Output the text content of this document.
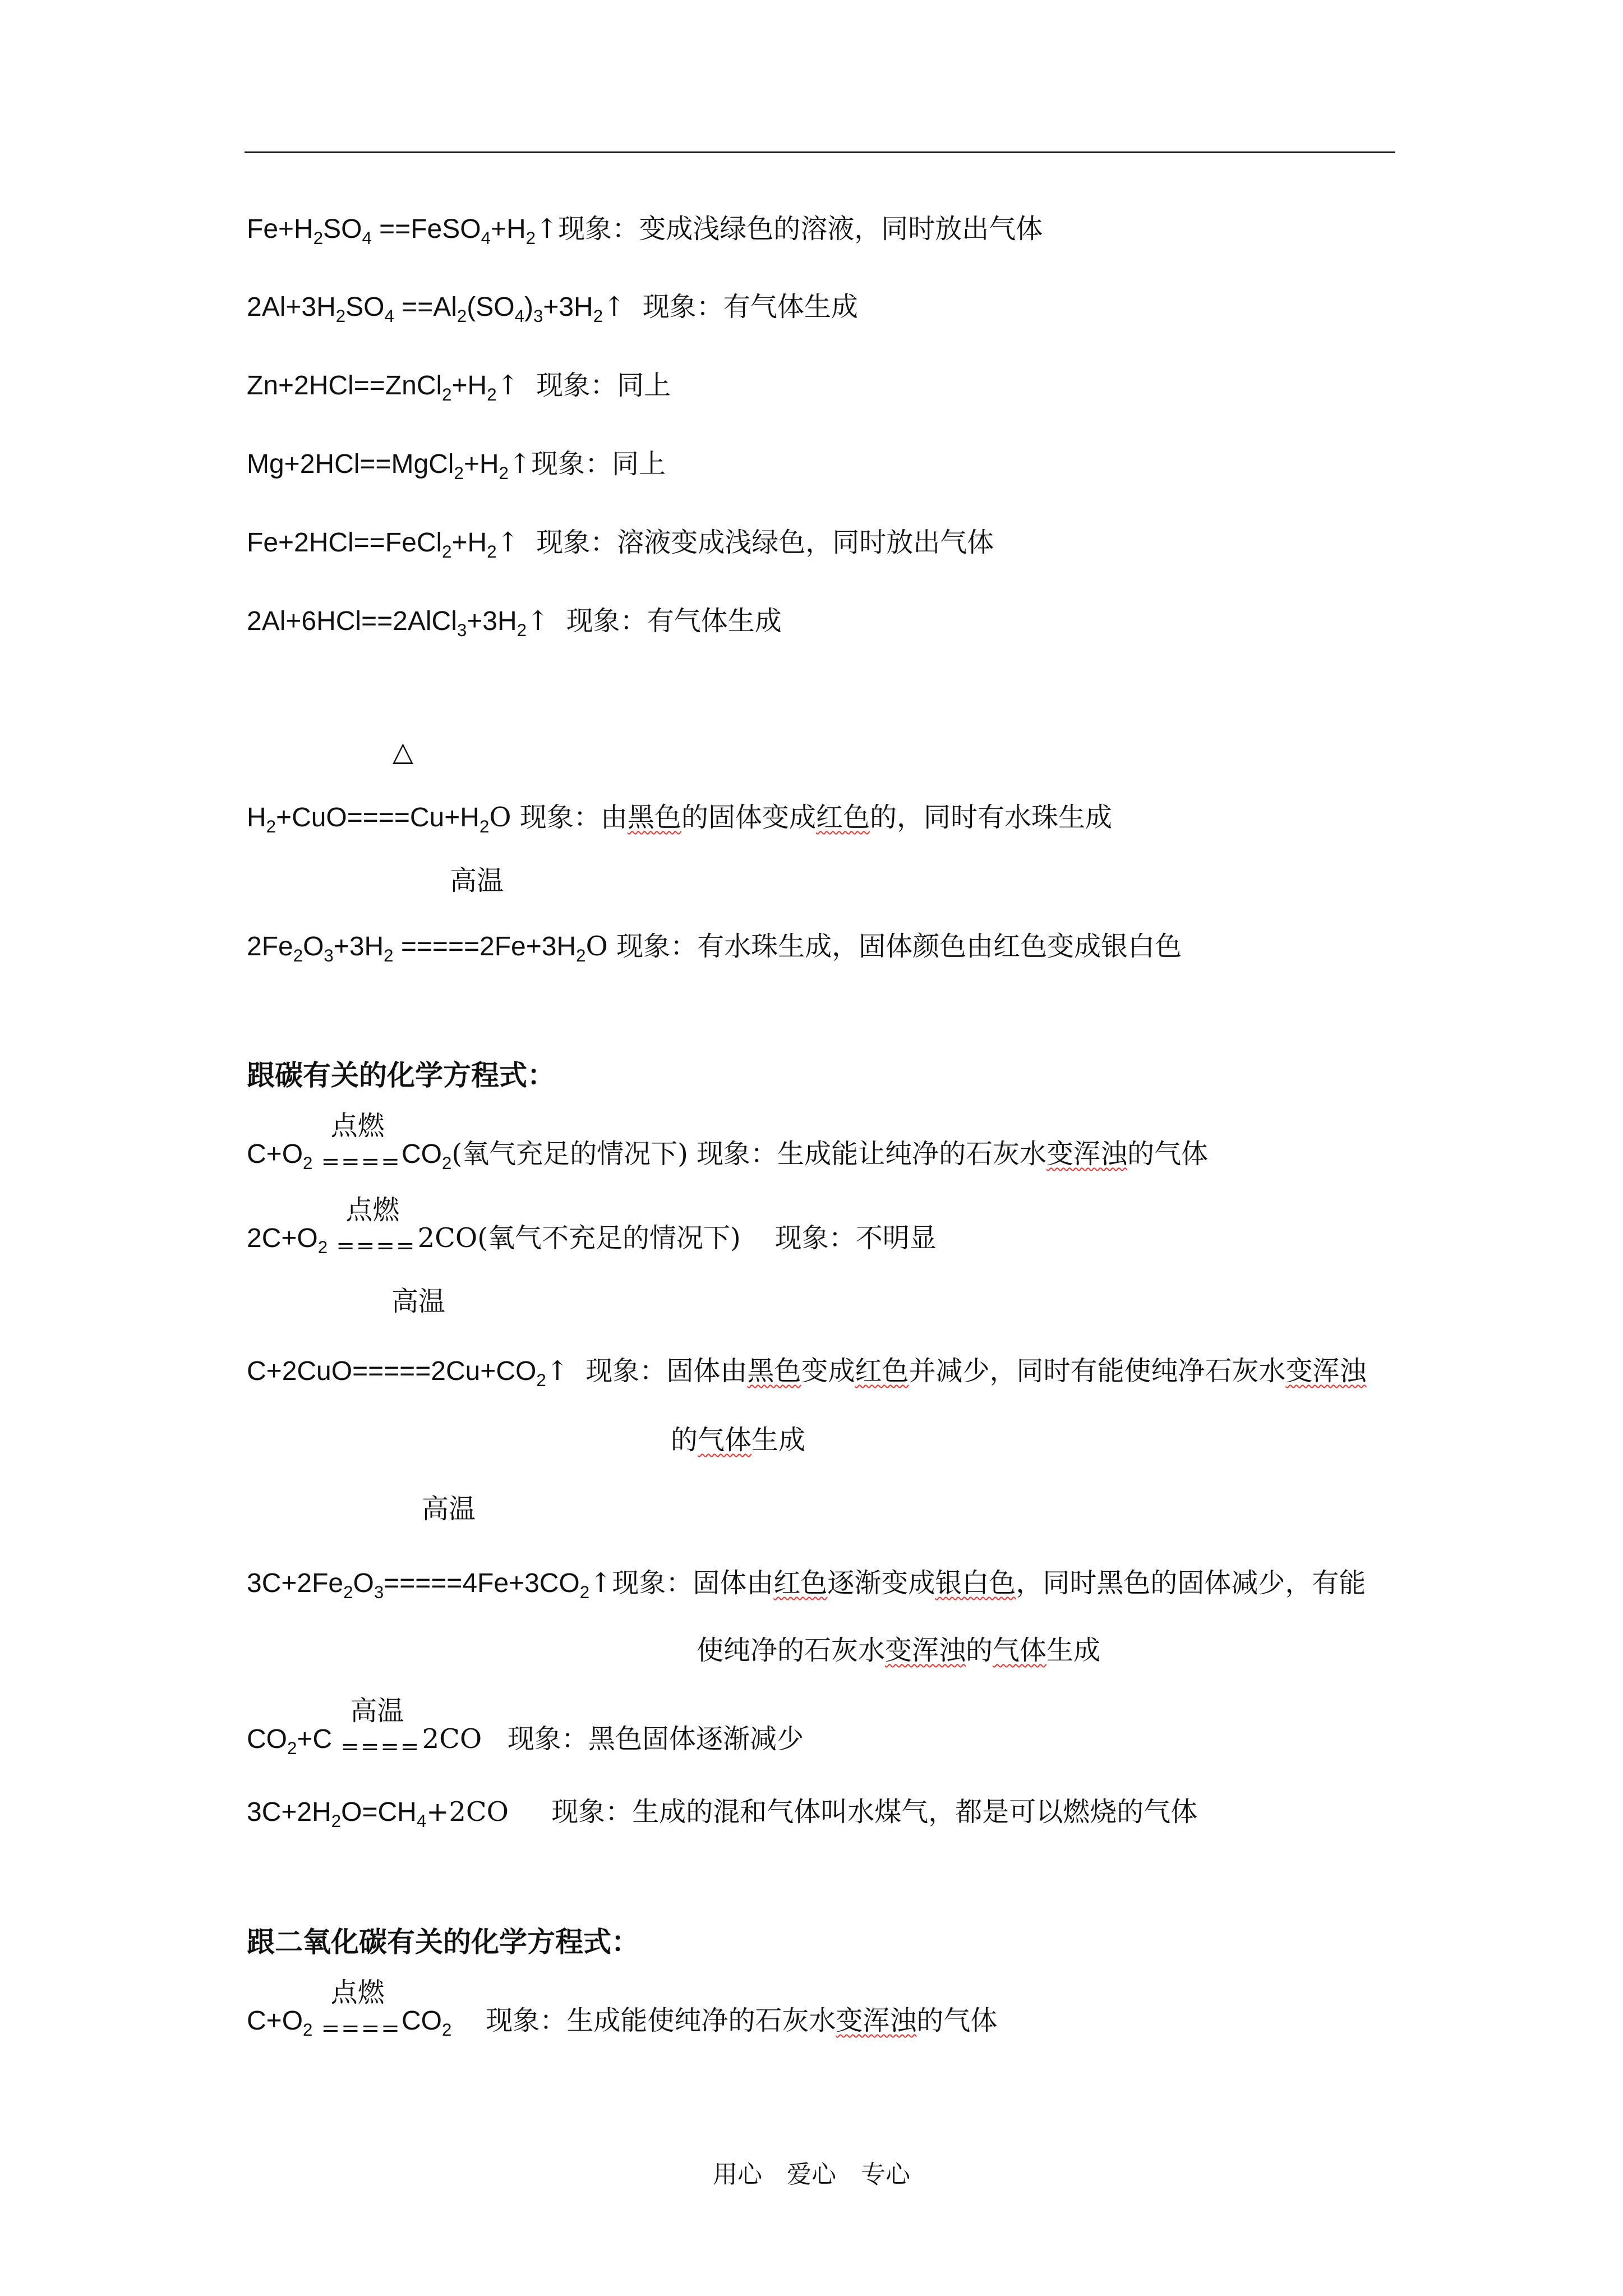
$Fe+H_2SO_4$ $==FeSO_4+H_2↑$现象：变成浅绿色的溶液，同时放出气体
$2Al+3H_2SO_4$ $==Al_2(SO_4)_3+3H_2↑$  现象：有气体生成
$Zn+2HCl==ZnCl_2+H_2↑$  现象：同上
$Mg+2HCl==MgCl_2+H_2↑$现象：同上
$Fe+2HCl==FeCl_2+H_2↑$  现象：溶液变成浅绿色，同时放出气体
$2Al+6HCl==2AlCl_3+3H_2↑$  现象：有气体生成
△
$H_2+CuO====Cu+H_2O$ 现象：由黑色的固体变成红色的，同时有水珠生成
高温
$2Fe_2O_3+3H_2 =====2Fe+3H_2O$ 现象：有水珠生成，固体颜色由红色变成银白色
跟碳有关的化学方程式：
$C+O_2$
点燃
====
$CO_2$(氧气充足的情况下) 现象：生成能让纯净的石灰水变浑浊的气体
$2C+O_2$
点燃
====
2CO(氧气不充足的情况下)    现象：不明显
高温
$C+2CuO=====2Cu+CO_2↑$  现象：固体由黑色变成红色并减少，同时有能使纯净石灰水变浑浊
的气体生成
高温
$3C+2Fe_2O_3=====4Fe+3CO_2↑$现象：固体由红色逐渐变成银白色，同时黑色的固体减少，有能
使纯净的石灰水变浑浊的气体生成
$CO_2+C$
高温
====
2CO   现象：黑色固体逐渐减少
$3C+2H_2O=CH_4+2CO$     现象：生成的混和气体叫水煤气，都是可以燃烧的气体
跟二氧化碳有关的化学方程式：
$C+O_2$
点燃
====
$CO_2$    现象：生成能使纯净的石灰水变浑浊的气体
用心 爱心 专心
